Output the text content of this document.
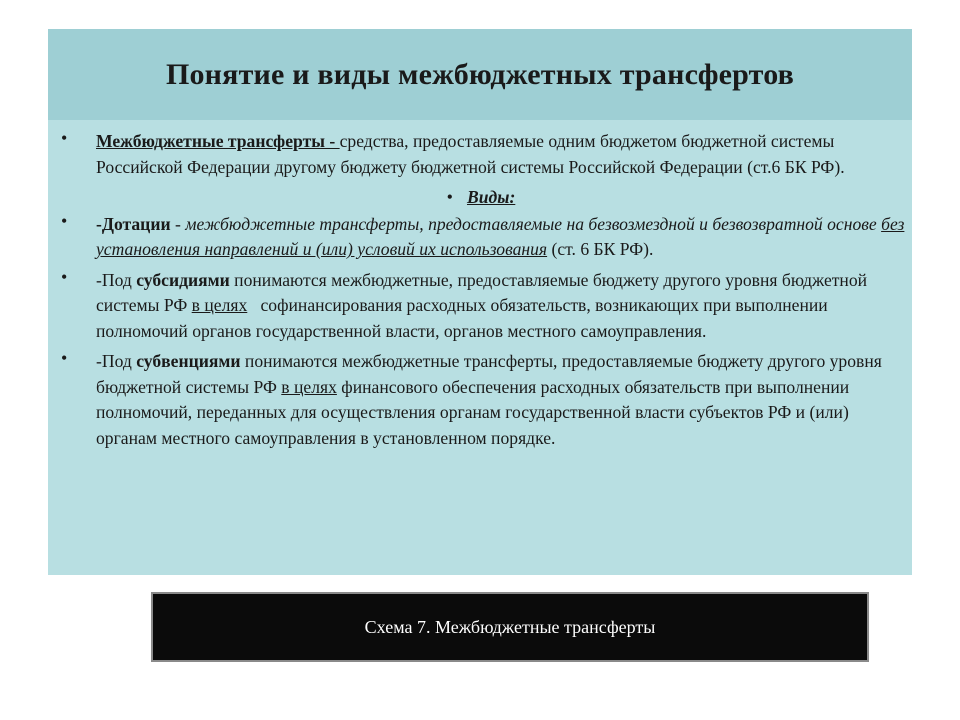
Понятие и виды межбюджетных трансфертов
• Межбюджетные трансферты - средства, предоставляемые одним бюджетом бюджетной системы Российской Федерации другому бюджету бюджетной системы Российской Федерации (ст.6 БК РФ).
• Виды:
• -Дотации - межбюджетные трансферты, предоставляемые на безвозмездной и безвозвратной основе без установления направлений и (или) условий их использования (ст. 6 БК РФ).
• -Под субсидиями понимаются межбюджетные, предоставляемые бюджету другого уровня бюджетной системы РФ в целях   софинансирования расходных обязательств, возникающих при выполнении полномочий органов государственной власти, органов местного самоуправления.
• -Под субвенциями понимаются межбюджетные трансферты, предоставляемые бюджету другого уровня бюджетной системы РФ в целях финансового обеспечения расходных обязательств при выполнении полномочий, переданных для осуществления органам государственной власти субъектов РФ и (или) органам местного самоуправления в установленном порядке.
Схема 7. Межбюджетные трансферты
